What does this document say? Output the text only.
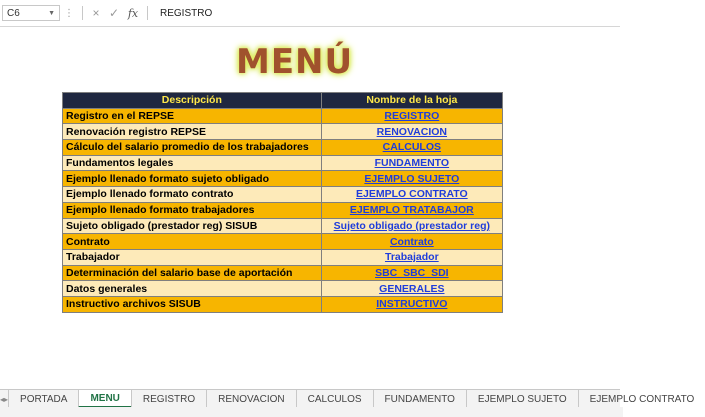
C6	▼ ⋮	× ✓ fx	REGISTRO
MENÚ
Descripción	Nombre de la hoja
Registro en el REPSE	REGISTRO
Renovación registro REPSE	RENOVACION
Cálculo del salario promedio de los trabajadores	CALCULOS
Fundamentos legales	FUNDAMENTO
Ejemplo llenado formato sujeto obligado	EJEMPLO SUJETO
Ejemplo llenado formato contrato	EJEMPLO CONTRATO
Ejemplo llenado formato trabajadores	EJEMPLO TRATABAJOR
Sujeto obligado (prestador reg) SISUB	Sujeto obligado (prestador reg)
Contrato	Contrato
Trabajador	Trabajador
Determinación del salario base de aportación	SBC_SBC_SDI
Datos generales	GENERALES
Instructivo archivos SISUB	INSTRUCTIVO
◂ ▸	PORTADA	MENU	REGISTRO	RENOVACION	CALCULOS	FUNDAMENTO	EJEMPLO SUJETO	EJEMPLO CONTRATO
